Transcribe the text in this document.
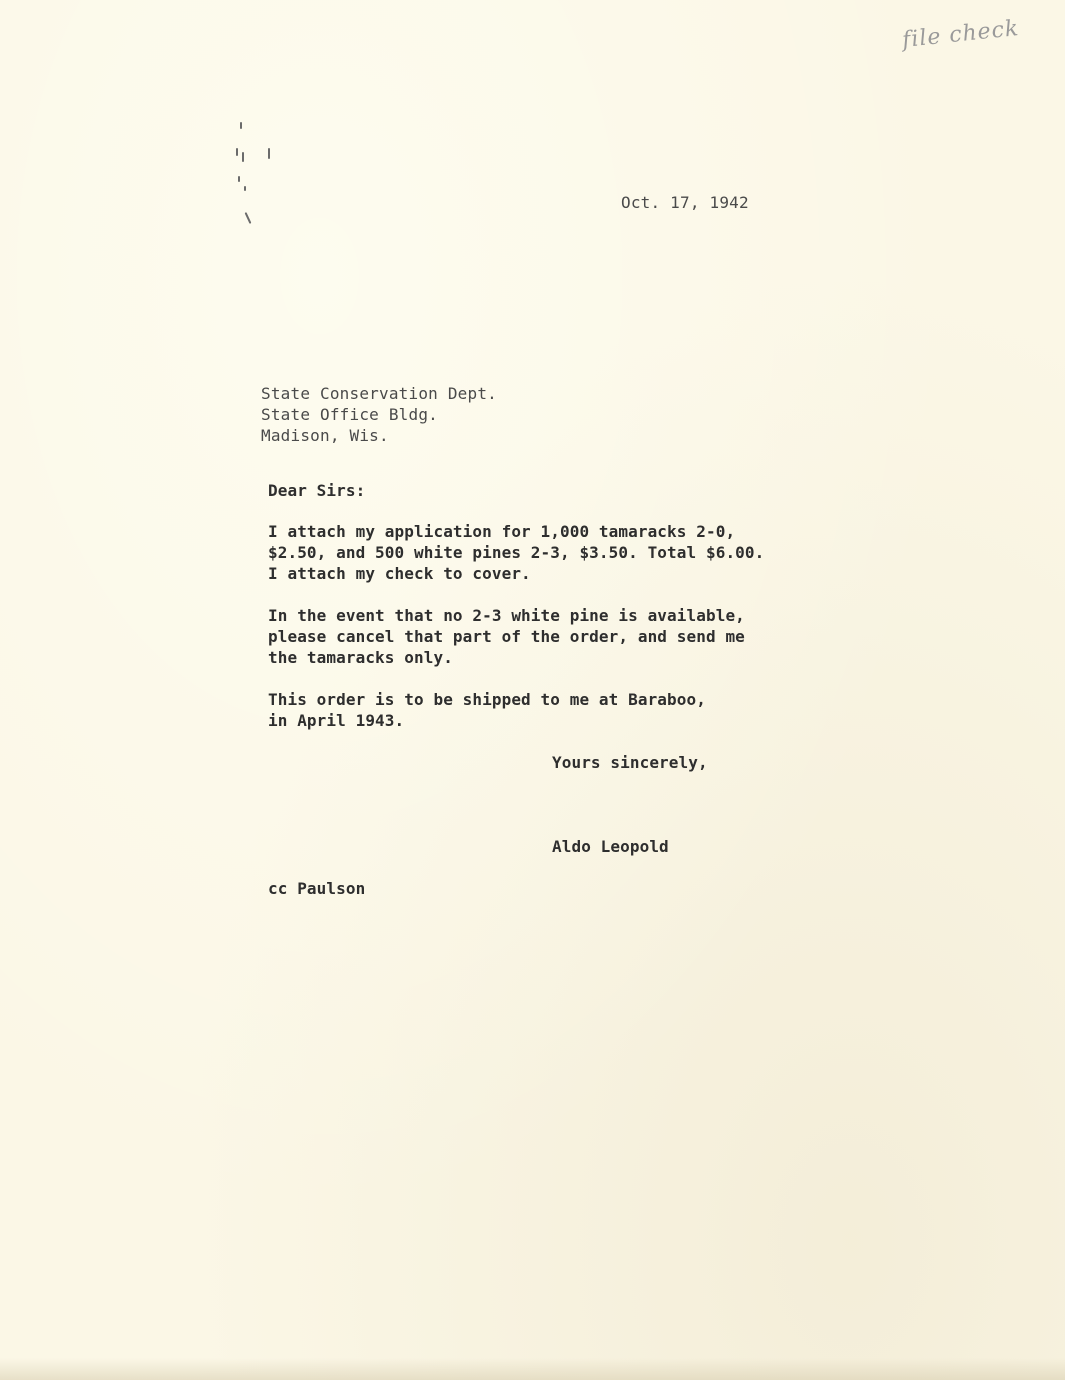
file check
Oct. 17, 1942
State Conservation Dept.
State Office Bldg.
Madison, Wis.
Dear Sirs:
I attach my application for 1,000 tamaracks 2-0,
$2.50, and 500 white pines 2-3, $3.50. Total $6.00.
I attach my check to cover.
In the event that no 2-3 white pine is available,
please cancel that part of the order, and send me
the tamaracks only.
This order is to be shipped to me at Baraboo,
in April 1943.
Yours sincerely,
Aldo Leopold
cc Paulson
